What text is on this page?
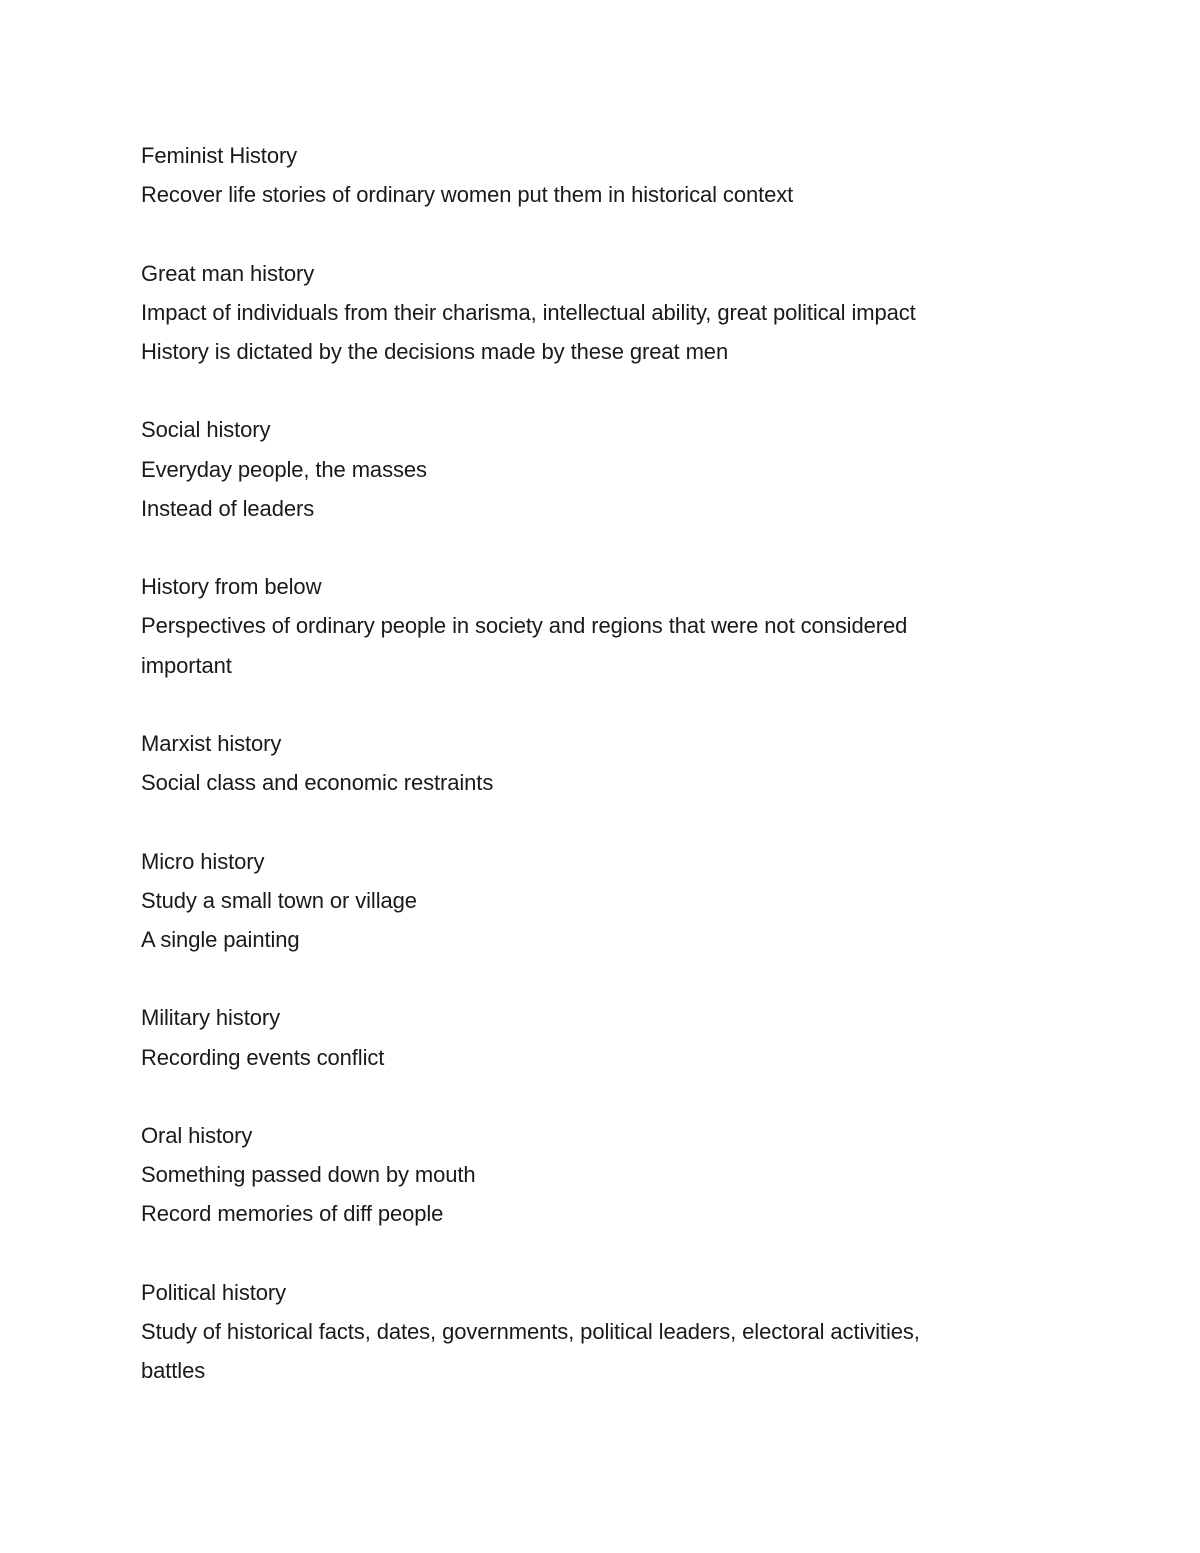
Feminist History

Recover life stories of ordinary women put them in historical context

Great man history

Impact of individuals from their charisma, intellectual ability, great political impact

History is dictated by the decisions made by these great men

Social history

Everyday people, the masses

Instead of leaders

History from below

Perspectives of ordinary people in society and regions that were not considered

important

Marxist history

Social class and economic restraints

Micro history

Study a small town or village

A single painting

Military history

Recording events conflict

Oral history

Something passed down by mouth

Record memories of diff people

Political history

Study of historical facts, dates, governments, political leaders, electoral activities,

battles
